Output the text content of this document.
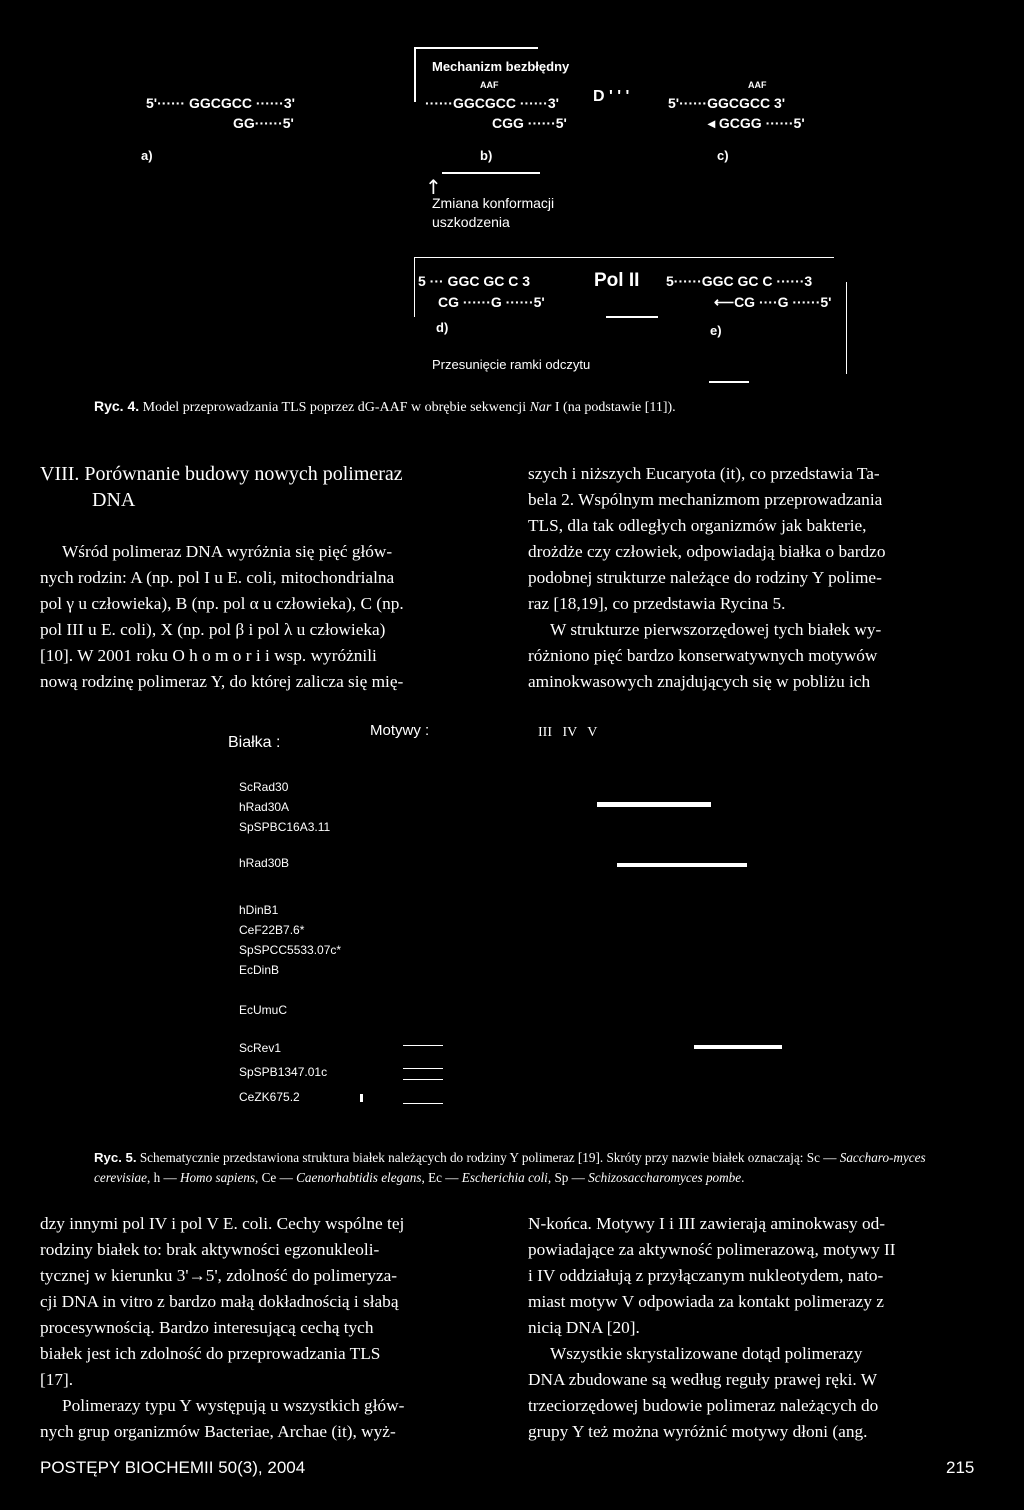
Mechanizm bezbłędny
5'······ GGCGCC ······3'
GG······5'
a)
AAF
······GGCGCC ······3'
CGG ······5'
b)
D ' ' '
AAF
5'······GGCGCC 3'
◂ GCGG ······5'
c)
↑
Zmiana konformacji uszkodzenia
5 ··· GGC GC C 3
CG ······G ······5'
d)
Pol II 5······GGC GC C ······3
⟵CG ····G ······5'
e)
Przesunięcie ramki odczytu
Ryc. 4. Model przeprowadzania TLS poprzez dG-AAF w obrębie sekwencji Nar I (na podstawie [11]).
VIII. Porównanie budowy nowych polimeraz
DNA

Wśród polimeraz DNA wyróżnia się pięć głów-

nych rodzin: A (np. pol I u E. coli, mitochondrialna

pol γ u człowieka), B (np. pol α u człowieka), C (np.

pol III u E. coli), X (np. pol β i pol λ u człowieka)

[10]. W 2001 roku O h o m o r i i wsp. wyróżnili

nową rodzinę polimeraz Y, do której zalicza się mię-

szych i niższych Eucaryota (it), co przedstawia Ta-

bela 2. Wspólnym mechanizmom przeprowadzania

TLS, dla tak odległych organizmów jak bakterie,

drożdże czy człowiek, odpowiadają białka o bardzo

podobnej strukturze należące do rodziny Y polime-

raz [18,19], co przedstawia Rycina 5.

W strukturze pierwszorzędowej tych białek wy-

różniono pięć bardzo konserwatywnych motywów

aminokwasowych znajdujących się w pobliżu ich

Białka :
Motywy :	III   IV   V
ScRad30
hRad30A
SpSPBC16A3.11
hRad30B
hDinB1
CeF22B7.6*
SpSPCC5533.07c*
EcDinB
EcUmuC
ScRev1
SpSPB1347.01c
CeZK675.2
Ryc. 5. Schematycznie przedstawiona struktura białek należących do rodziny Y polimeraz [19]. Skróty przy nazwie białek oznaczają: Sc — Saccharo-myces cerevisiae, h — Homo sapiens, Ce — Caenorhabtidis elegans, Ec — Escherichia coli, Sp — Schizosaccharomyces pombe.

dzy innymi pol IV i pol V E. coli. Cechy wspólne tej

rodziny białek to: brak aktywności egzonukleoli-

tycznej w kierunku 3'→5', zdolność do polimeryza-

cji DNA in vitro z bardzo małą dokładnością i słabą

procesywnością. Bardzo interesującą cechą tych

białek jest ich zdolność do przeprowadzania TLS

[17].

Polimerazy typu Y występują u wszystkich głów-

nych grup organizmów Bacteriae, Archae (it), wyż-

N-końca. Motywy I i III zawierają aminokwasy od-

powiadające za aktywność polimerazową, motywy II

i IV oddziałują z przyłączanym nukleotydem, nato-

miast motyw V odpowiada za kontakt polimerazy z

nicią DNA [20].

Wszystkie skrystalizowane dotąd polimerazy

DNA zbudowane są według reguły prawej ręki. W

trzeciorzędowej budowie polimeraz należących do

grupy Y też można wyróżnić motywy dłoni (ang.

POSTĘPY BIOCHEMII 50(3), 2004	215
